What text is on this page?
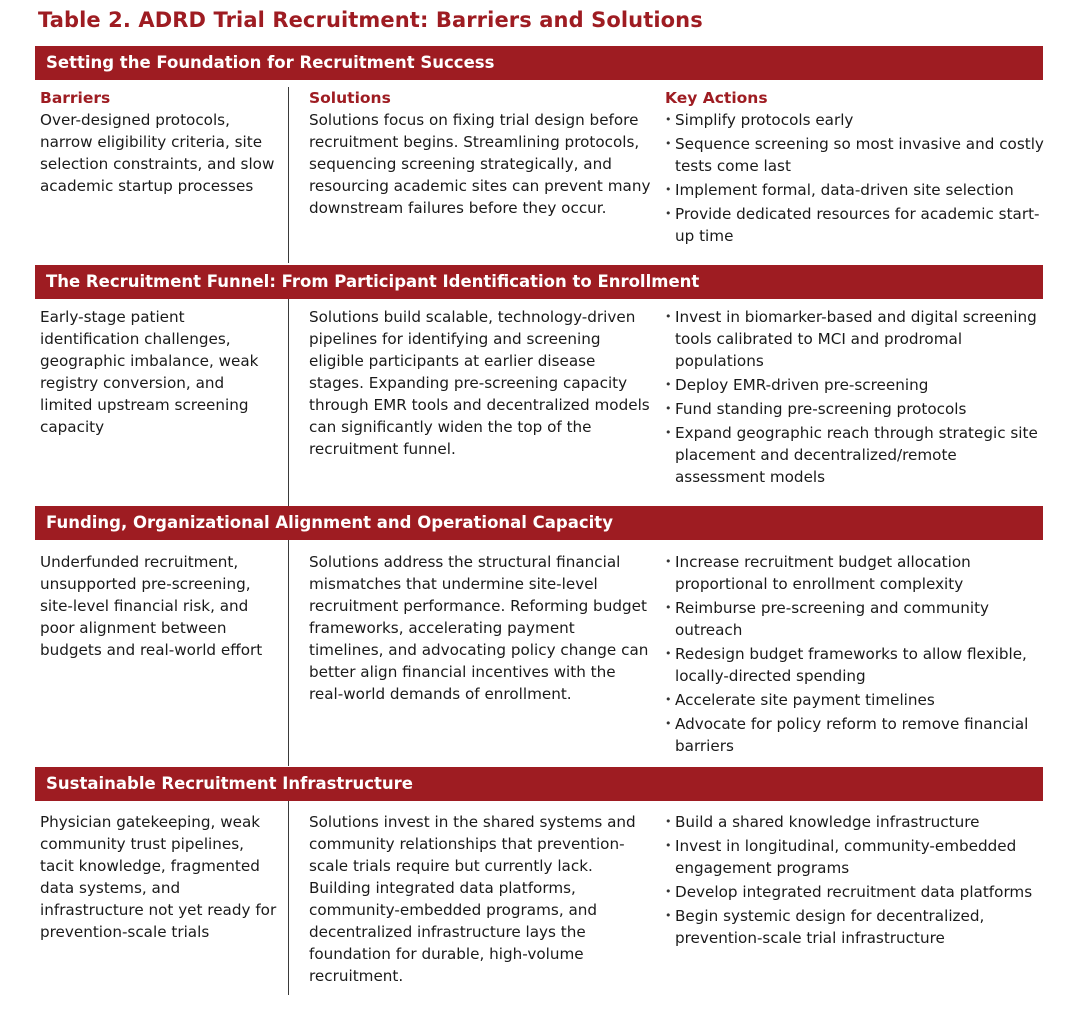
Table 2. ADRD Trial Recruitment: Barriers and Solutions
Setting the Foundation for Recruitment Success
Barriers

Over-designed protocols, narrow eligibility criteria, site selection constraints, and slow academic startup processes

Solutions

Solutions focus on fixing trial design before recruitment begins. Streamlining protocols, sequencing screening strategically, and resourcing academic sites can prevent many downstream failures before they occur.

Key Actions
• Simplify protocols early
• Sequence screening so most invasive and costly tests come last
• Implement formal, data-driven site selection
• Provide dedicated resources for academic start-up time
The Recruitment Funnel: From Participant Identification to Enrollment

Early-stage patient identification challenges, geographic imbalance, weak registry conversion, and limited upstream screening capacity

Solutions build scalable, technology-driven pipelines for identifying and screening eligible participants at earlier disease stages. Expanding pre-screening capacity through EMR tools and decentralized models can significantly widen the top of the recruitment funnel.

• Invest in biomarker-based and digital screening tools calibrated to MCI and prodromal populations
• Deploy EMR-driven pre-screening
• Fund standing pre-screening protocols
• Expand geographic reach through strategic site placement and decentralized/remote assessment models
Funding, Organizational Alignment and Operational Capacity

Underfunded recruitment, unsupported pre-screening, site-level financial risk, and poor alignment between budgets and real-world effort

Solutions address the structural financial mismatches that undermine site-level recruitment performance. Reforming budget frameworks, accelerating payment timelines, and advocating policy change can better align financial incentives with the real-world demands of enrollment.

• Increase recruitment budget allocation proportional to enrollment complexity
• Reimburse pre-screening and community outreach
• Redesign budget frameworks to allow flexible, locally-directed spending
• Accelerate site payment timelines
• Advocate for policy reform to remove financial barriers
Sustainable Recruitment Infrastructure

Physician gatekeeping, weak community trust pipelines, tacit knowledge, fragmented data systems, and infrastructure not yet ready for prevention-scale trials

Solutions invest in the shared systems and community relationships that prevention-scale trials require but currently lack. Building integrated data platforms, community-embedded programs, and decentralized infrastructure lays the foundation for durable, high-volume recruitment.

• Build a shared knowledge infrastructure
• Invest in longitudinal, community-embedded engagement programs
• Develop integrated recruitment data platforms
• Begin systemic design for decentralized, prevention-scale trial infrastructure
